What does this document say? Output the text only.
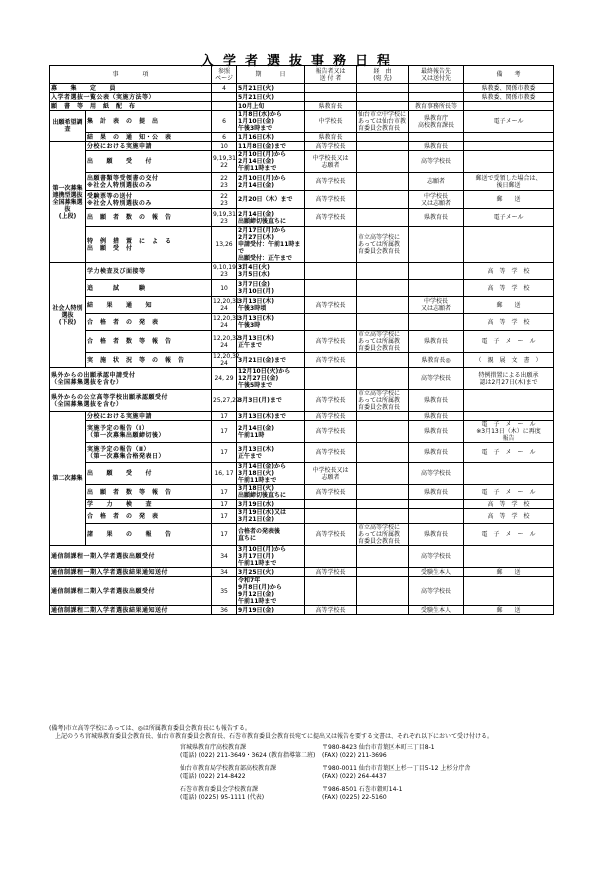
入学者選抜事務日程
事　　　　項		参照
ページ	期　　　日	報告者又は
送 付 者	経　由
(宛 先)	最終報告先
又は送付先	備　　考
募　　集　　定　　員		4	5月21日(火)				県教委、関係市教委
入学者選抜一覧公表（実施方法等）			5月21日(火)				県教委、関係市教委
願　書　等　用　紙　配　布			10月上旬	県教育長		教育事務所長等	
出願希望調査	集　計　表　の　提　出	6	1月8日(水)から
1月10日(金)
午後3時まで	中学校長	仙台市立中学校に
あっては仙台市教
育委員会教育長	県教育庁
高校教育課長	電子メール
	結　果　の　通　知・公　表	6	1月16日(木)	県教育長			
第一次募集
連携型選抜
全国募集選抜
(上段)	分校における実施申請	10	11月8日(金)まで	高等学校長		県教育長	
	出　　願　　受　　付	9,19,31
22	2月10日(月)から
2月14日(金)
午前11時まで	中学校長又は
志願者		高等学校長	
	出願書類等受領書の交付
※社会人特別選抜のみ	22
23	2月10日(月)から
2月14日(金)	高等学校長		志願者	郵送で受領した場合は、
後日郵送
	受験票等の送付
※社会人特別選抜のみ	22
23	2月20日（木）まで	高等学校長		中学校長
又は志願者	郵　　送
	出　願　者　数　の　報　告	9,19,31
23	2月14日(金)
出願締切後直ちに	高等学校長		県教育長	電子メール
	特　例　措　置　に　よ　る
出　願　受　付	13,26	2月17日(月)から
2月27日(木)
申請受付：午前11時まで
出願受付：正午まで		市立高等学校に
あっては所属教
育委員会教育長		
社会人特別選抜
(下段)	学力検査及び面接等	9,10,19,31
23	3月4日(火)
3月5日(水)				高　等　学　校
	追　　　試　　　験	10	3月7日(金)
3月10日(月)				高　等　学　校
	結　　果　　通　　知	12,20,31
24	3月13日(木)
午後3時頃	高等学校長		中学校長
又は志願者	郵　　送
	合　格　者　の　発　表	12,20,31
24	3月13日(木)
午後3時				高　等　学　校
	合　格　者　数　等　報　告	12,20,32
24	3月13日(木)
正午まで	高等学校長	市立高等学校に
あっては所属教
育委員会教育長	県教育長	電　子　メ　ー　ル
	実　施　状　況　等　の　報　告	12,20,32
24	3月21日(金)まで	高等学校長		県教育長◎	（　親　展　文　書　）
県外からの出願承認申請受付
（全国募集選抜を含む）		24, 29	12月10日(火)から
12月27日(金)
午後5時まで			高等学校長	特例措置による出願承
認は2月27日(木)まで
県外からの公立高等学校出願承認願受付
（全国募集選抜を含む）		25,27,29	3月3日(月)まで	高等学校長	市立高等学校に
あっては所属教
育委員会教育長	県教育長	
第二次募集	分校における実施申請	17	3月13日(木)まで	高等学校長		県教育長	
	実施予定の報告（Ⅰ）
（第一次募集出願締切後）	17	2月14日(金)
午前11時	高等学校長		県教育長	電　子　メ　ー　ル
※3月13日（木）に再度
報告
	実施予定の報告（Ⅱ）
（第一次募集合格発表日）	17	3月13日(木)
正午まで	高等学校長		県教育長	電　子　メ　ー　ル
	出　　願　　受　　付	16, 17	3月14日(金)から
3月18日(火)
午前11時まで	中学校長又は
志願者		高等学校長	
	出　願　者　数　等　報　告	17	3月18日(火)
出願締切後直ちに	高等学校長		県教育長	電　子　メ　ー　ル
	学　　力　　検　　査	17	3月19日(水)				高　等　学　校
	合　格　者　の　発　表	17	3月19日(水)又は
3月21日(金)				高　等　学　校
	諸　　果　　の　　報　　告	17	合格者の発表後
直ちに	高等学校長	市立高等学校に
あっては所属教
育委員会教育長	県教育長	電　子　メ　ー　ル
通信制課程一期入学者選抜出願受付		34	3月10日(月)から
3月17日(月)
午前11時まで			高等学校長	
通信制課程一期入学者選抜結果通知送付		34	3月25日(火)	高等学校長		受験生本人	郵　　送
通信制課程二期入学者選抜出願受付		35	令和7年
9月8日(月)から
9月12日(金)
午前11時まで			高等学校長	
通信制課程二期入学者選抜結果通知送付		36	9月19日(金)	高等学校長		受験生本人	郵　　送
(備考)市立高等学校にあっては、◎は所属教育委員会教育長にも報告する。
　上記のうち宮城県教育委員会教育長、仙台市教育委員会教育長、石巻市教育委員会教育長宛てに提出又は報告を要する文書は、それぞれ以下において受け付ける。
宮城県教育庁高校教育課
(電話) (022) 211-3649・3624 (教育指導第二班)
〒980-8423 仙台市青葉区本町三丁目8-1
(FAX) (022) 211-3696
仙台市教育局学校教育部高校教育課
(電話) (022) 214-8422
〒980-0011 仙台市青葉区上杉一丁目5-12 上杉分庁舎
(FAX) (022) 264-4437
石巻市教育委員会学校教育課
(電話) (0225) 95-1111 (代表)
〒986-8501 石巻市穀町14-1
(FAX) (0225) 22-5160
